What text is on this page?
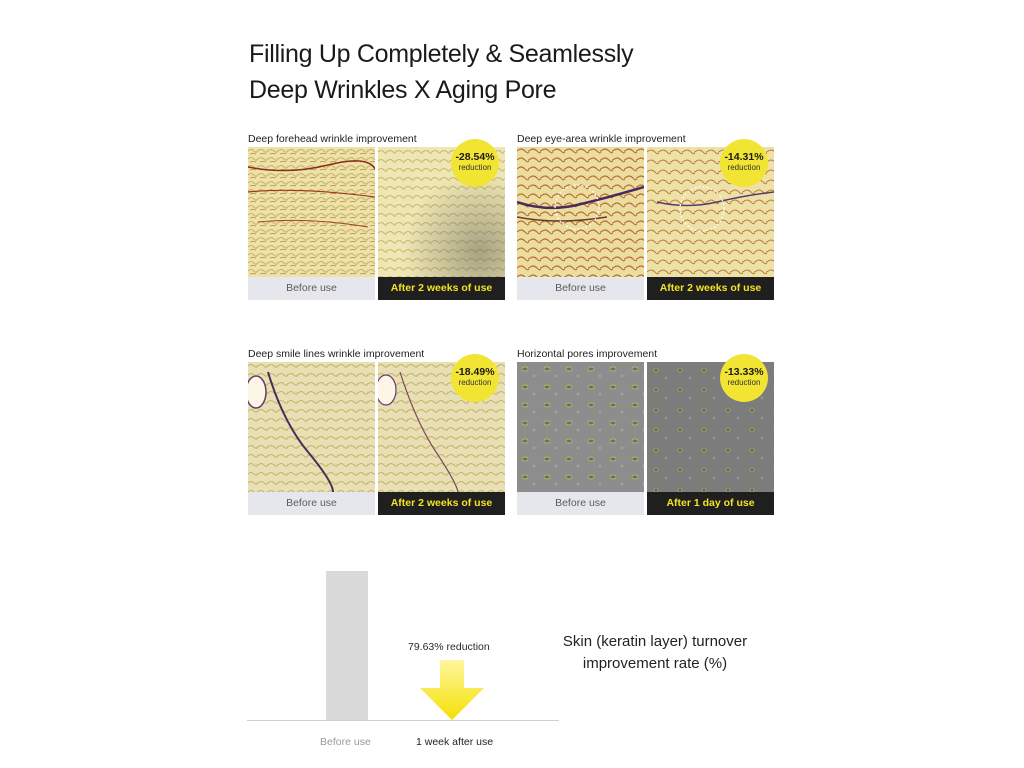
Filling Up Completely & Seamlessly
Deep Wrinkles X Aging Pore
Deep forehead wrinkle improvement
Before use	After 2 weeks of use
-28.54%
reduction
Deep eye-area wrinkle improvement
Before use	After 2 weeks of use
-14.31%
reduction
Deep smile lines wrinkle improvement
Before use	After 2 weeks of use
-18.49%
reduction
Horizontal pores improvement
Before use	After 1 day of use
-13.33%
reduction
79.63% reduction
Before use	1 week after use
Skin (keratin layer) turnover
improvement rate (%)
